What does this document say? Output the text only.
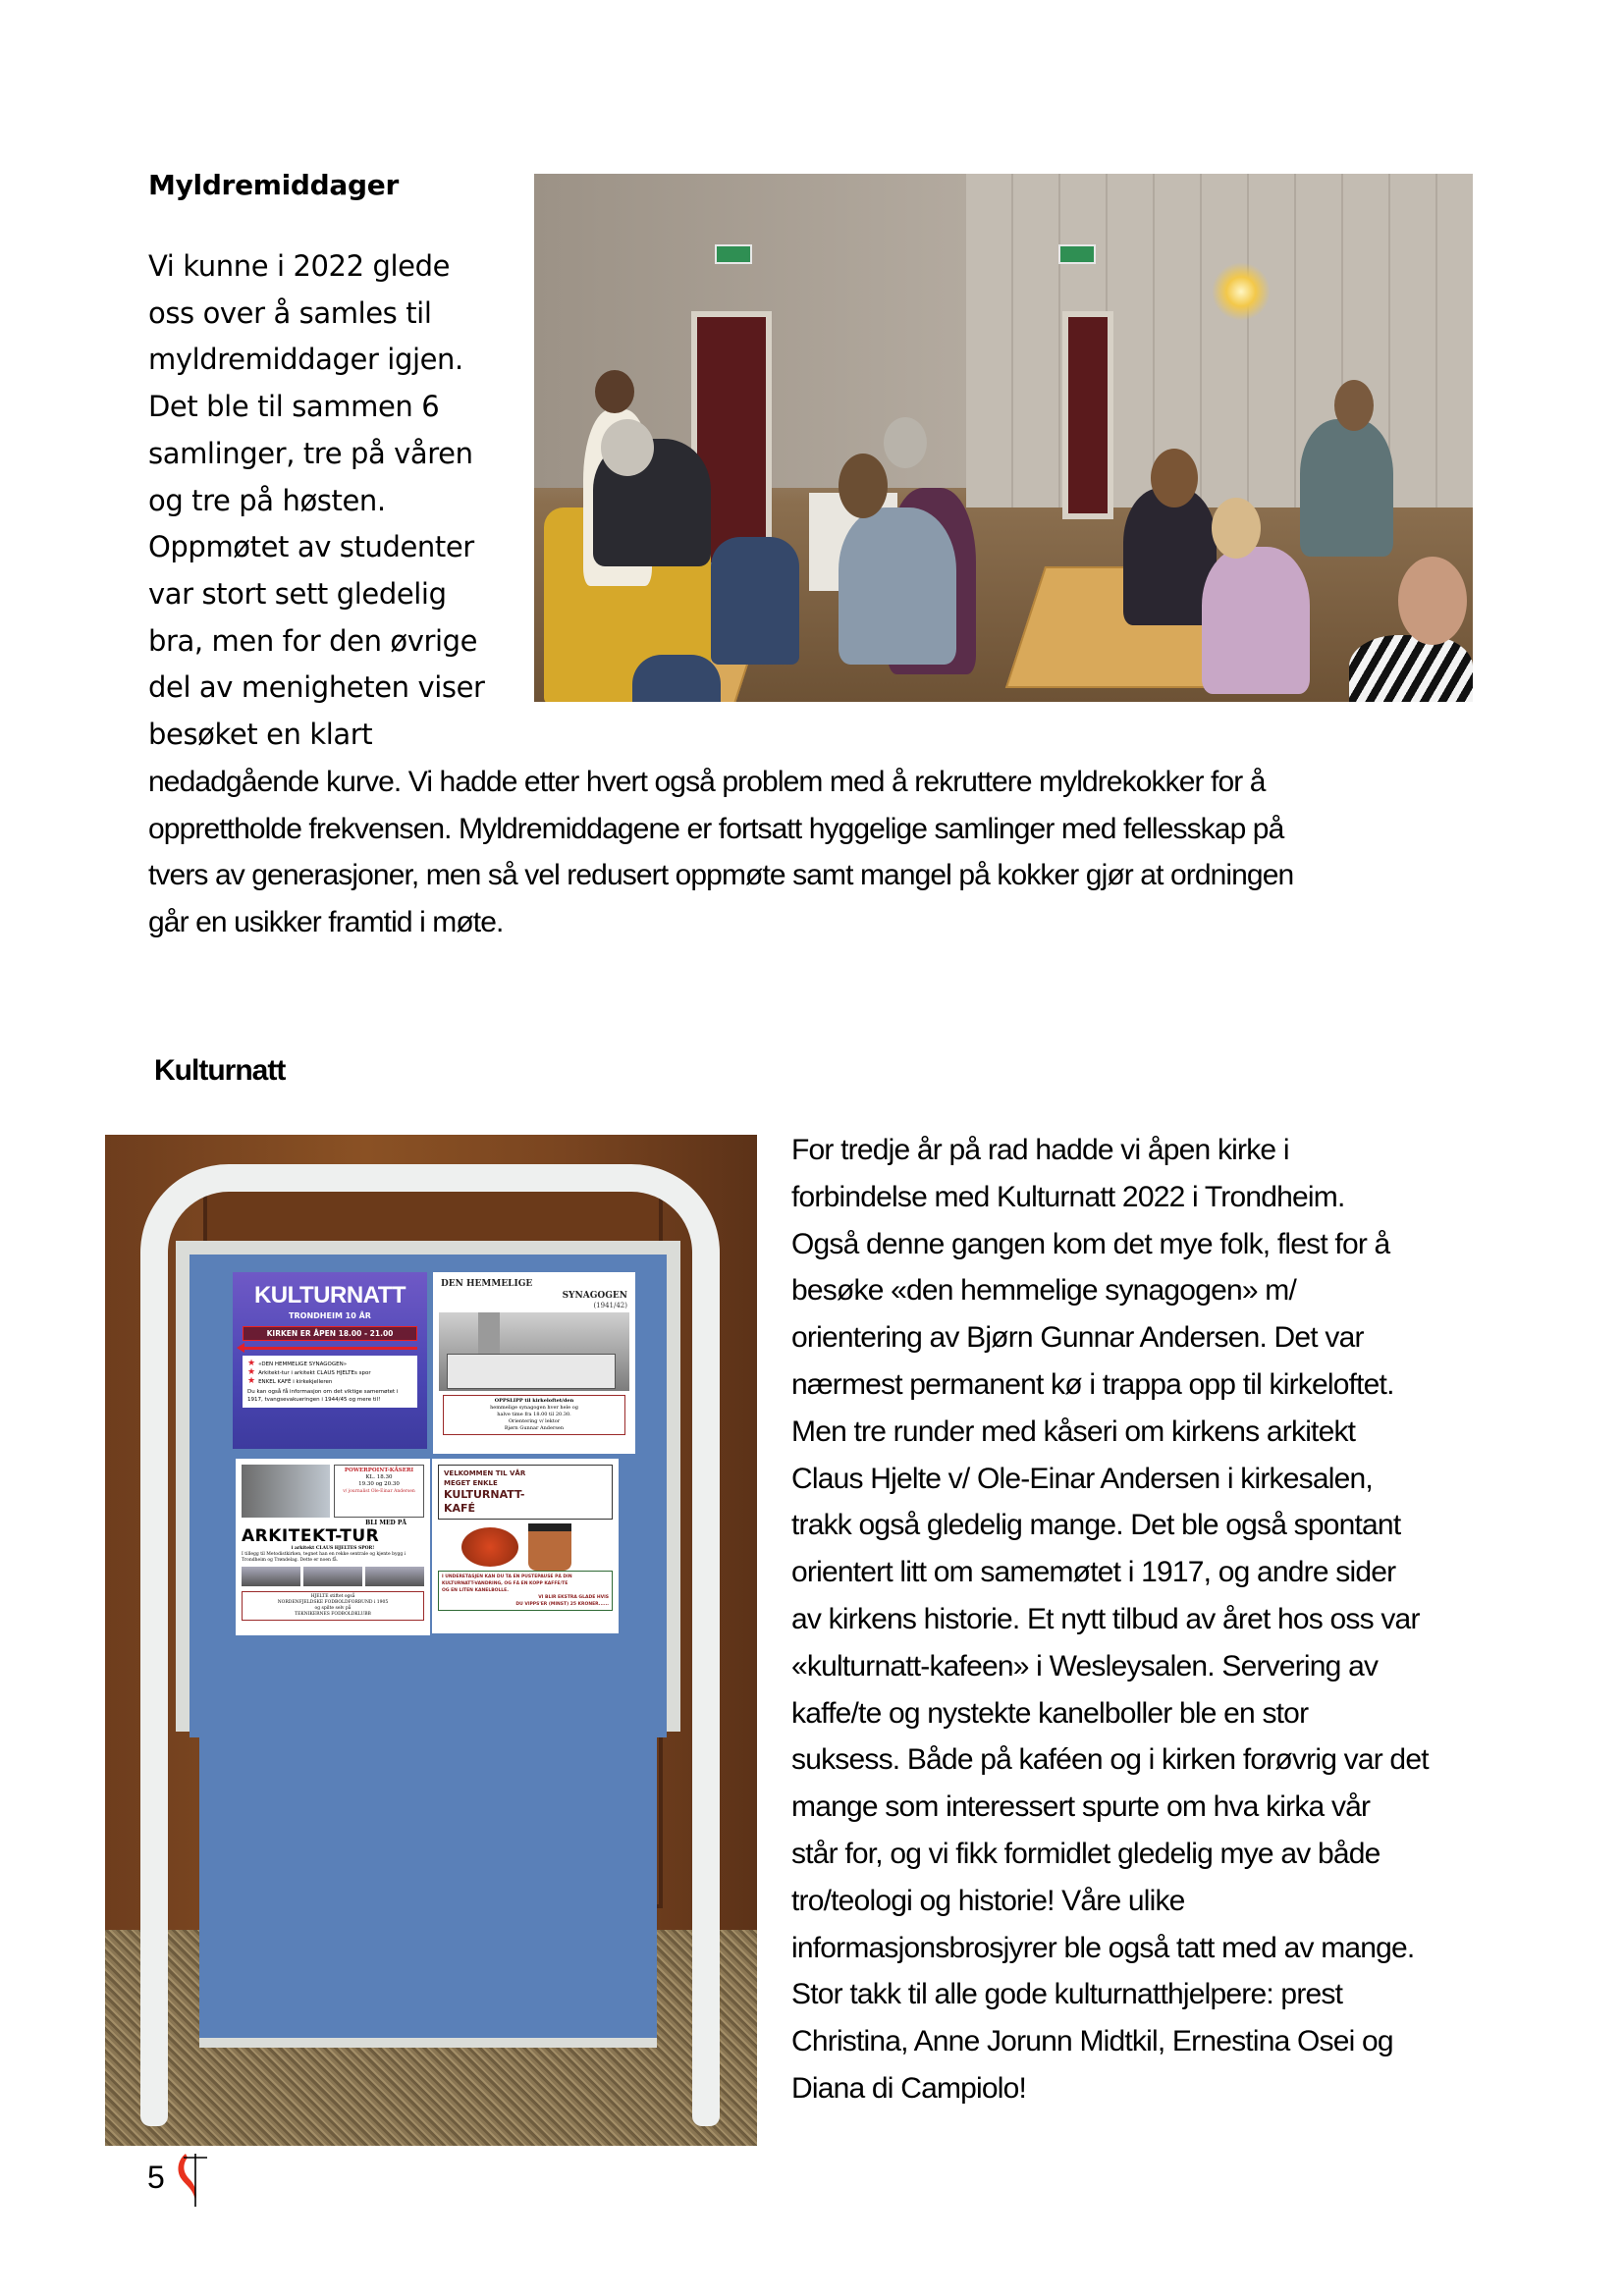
Myldremiddager
Vi kunne i 2022 glede
oss over å samles til
myldremiddager igjen.
Det ble til sammen 6
samlinger, tre på våren
og tre på høsten.
Oppmøtet av studenter
var stort sett gledelig
bra, men for den øvrige
del av menigheten viser
besøket en klart
nedadgående kurve. Vi hadde etter hvert også problem med å rekruttere myldrekokker for å
opprettholde frekvensen. Myldremiddagene er fortsatt hyggelige samlinger med fellesskap på
tvers av generasjoner, men så vel redusert oppmøte samt mangel på kokker gjør at ordningen
går en usikker framtid i møte.
Kulturnatt
KULTURNATT
TRONDHEIM 10 ÅR
KIRKEN ER ÅPEN 18.00 - 21.00
★ «DEN HEMMELIGE SYNAGOGEN»
★ Arkitekt-tur i arkitekt CLAUS HJELTEs spor
★ ENKEL KAFÉ i kirkekjelleren
Du kan også få informasjon om det viktige samemøtet i 1917, tvangsevakueringen i 1944/45 og mere til!
DEN HEMMELIGE
SYNAGOGEN
(1941/42)
OPPSLIPP til kirkeloftet/den
hemmelige synagogen hver hele og
halve time fra 18.00 til 20.30.
Orientering v/ lektor
Bjørn Gunnar Andersen
POWERPOINT-KÅSERI
KL. 18.30
19.30 og 20.30
v/ journalist Ole-Einar Andersen
BLI MED PÅ
ARKITEKT-TUR
i arkitekt CLAUS HJELTES SPOR!
I tillegg til Metodistkirken, tegnet han en rekke sentrale og kjente bygg i Trondheim og Trøndelag. Dette er noen få.
HJELTE stiftet også
NORDENFJELDSKE FODBOLDFORBUND i 1905
og spilte selv på
TEKNIKERNES FODBOLDKLUBB
VELKOMMEN TIL VÅR
MEGET ENKLE
KULTURNATT-
KAFÉ
I UNDERETASJEN KAN DU TA EN PUSTEPAUSE PÅ DIN
KULTURNATT-VANDRING, OG FÅ EN KOPP KAFFE/TE
OG EN LITEN KANELBOLLE.
VI BLIR EKSTRA GLADE HVIS
DU VIPPS'ER (MINST) 25 KRONER......
For tredje år på rad hadde vi åpen kirke i
forbindelse med Kulturnatt 2022 i Trondheim.
Også denne gangen kom det mye folk, flest for å
besøke «den hemmelige synagogen» m/
orientering av Bjørn Gunnar Andersen. Det var
nærmest permanent kø i trappa opp til kirkeloftet.
Men tre runder med kåseri om kirkens arkitekt
Claus Hjelte v/ Ole-Einar Andersen i kirkesalen,
trakk også gledelig mange. Det ble også spontant
orientert litt om samemøtet i 1917, og andre sider
av kirkens historie. Et nytt tilbud av året hos oss var
«kulturnatt-kafeen» i Wesleysalen. Servering av
kaffe/te og nystekte kanelboller ble en stor
suksess. Både på kaféen og i kirken forøvrig var det
mange som interessert spurte om hva kirka vår
står for, og vi fikk formidlet gledelig mye av både
tro/teologi og historie! Våre ulike
informasjonsbrosjyrer ble også tatt med av mange.
Stor takk til alle gode kulturnatthjelpere: prest
Christina, Anne Jorunn Midtkil, Ernestina Osei og
Diana di Campiolo!
5
